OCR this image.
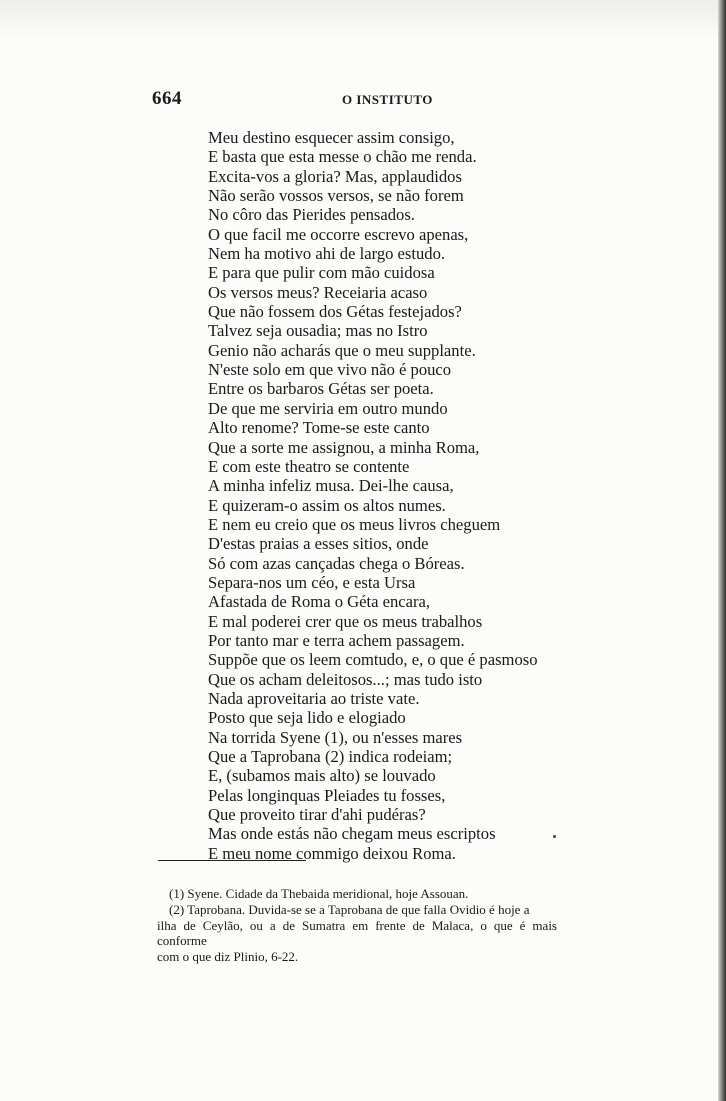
664	O INSTITUTO
Meu destino esquecer assim consigo,
E basta que esta messe o chão me renda.
Excita-vos a gloria? Mas, applaudidos
Não serão vossos versos, se não forem
No côro das Pierides pensados.
O que facil me occorre escrevo apenas,
Nem ha motivo ahi de largo estudo.
E para que pulir com mão cuidosa
Os versos meus? Receiaria acaso
Que não fossem dos Gétas festejados?
Talvez seja ousadia; mas no Istro
Genio não acharás que o meu supplante.
N'este solo em que vivo não é pouco
Entre os barbaros Gétas ser poeta.
De que me serviria em outro mundo
Alto renome? Tome-se este canto
Que a sorte me assignou, a minha Roma,
E com este theatro se contente
A minha infeliz musa. Dei-lhe causa,
E quizeram-o assim os altos numes.
E nem eu creio que os meus livros cheguem
D'estas praias a esses sitios, onde
Só com azas cançadas chega o Bóreas.
Separa-nos um céo, e esta Ursa
Afastada de Roma o Géta encara,
E mal poderei crer que os meus trabalhos
Por tanto mar e terra achem passagem.
Suppõe que os leem comtudo, e, o que é pasmoso
Que os acham deleitosos...; mas tudo isto
Nada aproveitaria ao triste vate.
Posto que seja lido e elogiado
Na torrida Syene (1), ou n'esses mares
Que a Taprobana (2) indica rodeiam;
E, (subamos mais alto) se louvado
Pelas longinquas Pleiades tu fosses,
Que proveito tirar d'ahi pudéras?
Mas onde estás não chegam meus escriptos
E meu nome commigo deixou Roma.
(1) Syene. Cidade da Thebaida meridional, hoje Assouan.
(2) Taprobana. Duvida-se se a Taprobana de que falla Ovidio é hoje a
ilha de Ceylão, ou a de Sumatra em frente de Malaca, o que é mais conforme
com o que diz Plinio, 6-22.
